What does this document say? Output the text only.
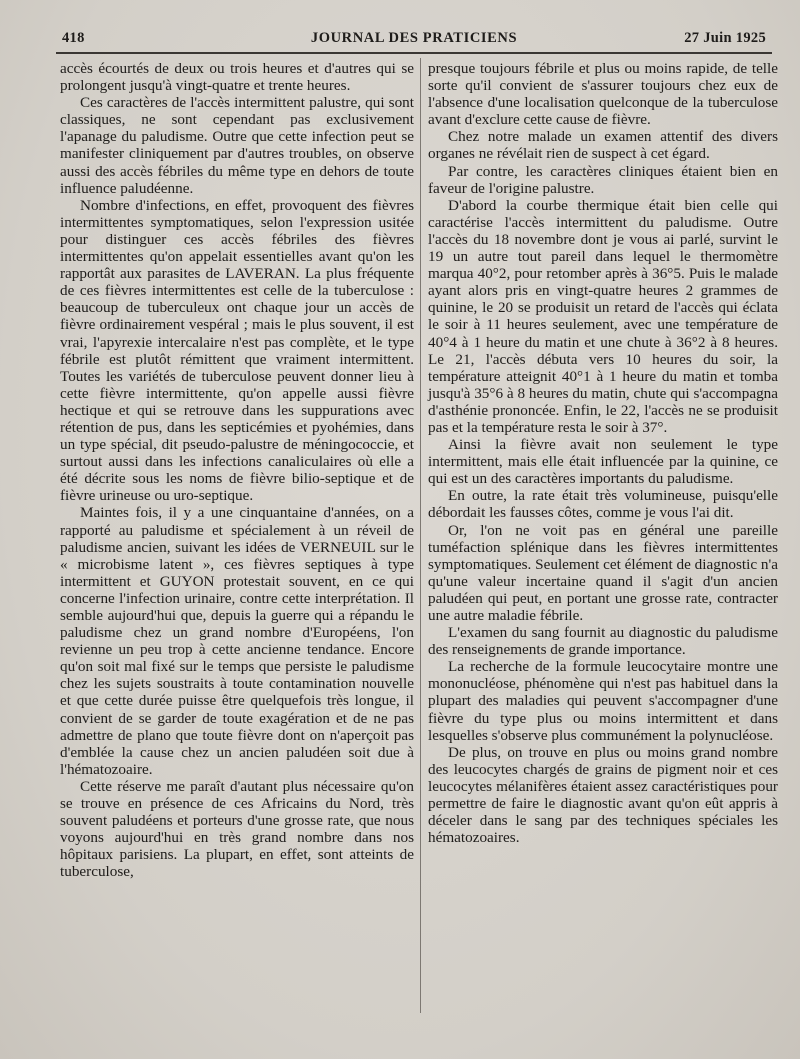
418	JOURNAL DES PRATICIENS	27 Juin 1925

accès écourtés de deux ou trois heures et d'autres qui se prolongent jusqu'à vingt-quatre et trente heures.

Ces caractères de l'accès intermittent palustre, qui sont classiques, ne sont cependant pas exclusivement l'apanage du paludisme. Outre que cette infection peut se manifester cliniquement par d'autres troubles, on observe aussi des accès fébriles du même type en dehors de toute influence paludéenne.

Nombre d'infections, en effet, provoquent des fièvres intermittentes symptomatiques, selon l'expression usitée pour distinguer ces accès fébriles des fièvres intermittentes qu'on appelait essentielles avant qu'on les rapportât aux parasites de LAVERAN. La plus fréquente de ces fièvres intermittentes est celle de la tuberculose : beaucoup de tuberculeux ont chaque jour un accès de fièvre ordinairement vespéral ; mais le plus souvent, il est vrai, l'apyrexie intercalaire n'est pas complète, et le type fébrile est plutôt rémittent que vraiment intermittent. Toutes les variétés de tuberculose peuvent donner lieu à cette fièvre intermittente, qu'on appelle aussi fièvre hectique et qui se retrouve dans les suppurations avec rétention de pus, dans les septicémies et pyohémies, dans un type spécial, dit pseudo-palustre de méningococcie, et surtout aussi dans les infections canaliculaires où elle a été décrite sous les noms de fièvre bilio-septique et de fièvre urineuse ou uro-septique.

Maintes fois, il y a une cinquantaine d'années, on a rapporté au paludisme et spécialement à un réveil de paludisme ancien, suivant les idées de VERNEUIL sur le « microbisme latent », ces fièvres septiques à type intermittent et GUYON protestait souvent, en ce qui concerne l'infection urinaire, contre cette interprétation. Il semble aujourd'hui que, depuis la guerre qui a répandu le paludisme chez un grand nombre d'Européens, l'on revienne un peu trop à cette ancienne tendance. Encore qu'on soit mal fixé sur le temps que persiste le paludisme chez les sujets soustraits à toute contamination nouvelle et que cette durée puisse être quelquefois très longue, il convient de se garder de toute exagération et de ne pas admettre de plano que toute fièvre dont on n'aperçoit pas d'emblée la cause chez un ancien paludéen soit due à l'hématozoaire.

Cette réserve me paraît d'autant plus nécessaire qu'on se trouve en présence de ces Africains du Nord, très souvent paludéens et porteurs d'une grosse rate, que nous voyons aujourd'hui en très grand nombre dans nos hôpitaux parisiens. La plupart, en effet, sont atteints de tuberculose,

presque toujours fébrile et plus ou moins rapide, de telle sorte qu'il convient de s'assurer toujours chez eux de l'absence d'une localisation quelconque de la tuberculose avant d'exclure cette cause de fièvre.

Chez notre malade un examen attentif des divers organes ne révélait rien de suspect à cet égard.

Par contre, les caractères cliniques étaient bien en faveur de l'origine palustre.

D'abord la courbe thermique était bien celle qui caractérise l'accès intermittent du paludisme. Outre l'accès du 18 novembre dont je vous ai parlé, survint le 19 un autre tout pareil dans lequel le thermomètre marqua 40°2, pour retomber après à 36°5. Puis le malade ayant alors pris en vingt-quatre heures 2 grammes de quinine, le 20 se produisit un retard de l'accès qui éclata le soir à 11 heures seulement, avec une température de 40°4 à 1 heure du matin et une chute à 36°2 à 8 heures. Le 21, l'accès débuta vers 10 heures du soir, la température atteignit 40°1 à 1 heure du matin et tomba jusqu'à 35°6 à 8 heures du matin, chute qui s'accompagna d'asthénie prononcée. Enfin, le 22, l'accès ne se produisit pas et la température resta le soir à 37°.

Ainsi la fièvre avait non seulement le type intermittent, mais elle était influencée par la quinine, ce qui est un des caractères importants du paludisme.

En outre, la rate était très volumineuse, puisqu'elle débordait les fausses côtes, comme je vous l'ai dit.

Or, l'on ne voit pas en général une pareille tuméfaction splénique dans les fièvres intermittentes symptomatiques. Seulement cet élément de diagnostic n'a qu'une valeur incertaine quand il s'agit d'un ancien paludéen qui peut, en portant une grosse rate, contracter une autre maladie fébrile.

L'examen du sang fournit au diagnostic du paludisme des renseignements de grande importance.

La recherche de la formule leucocytaire montre une mononucléose, phénomène qui n'est pas habituel dans la plupart des maladies qui peuvent s'accompagner d'une fièvre du type plus ou moins intermittent et dans lesquelles s'observe plus communément la polynucléose.

De plus, on trouve en plus ou moins grand nombre des leucocytes chargés de grains de pigment noir et ces leucocytes mélanifères étaient assez caractéristiques pour permettre de faire le diagnostic avant qu'on eût appris à déceler dans le sang par des techniques spéciales les hématozoaires.
